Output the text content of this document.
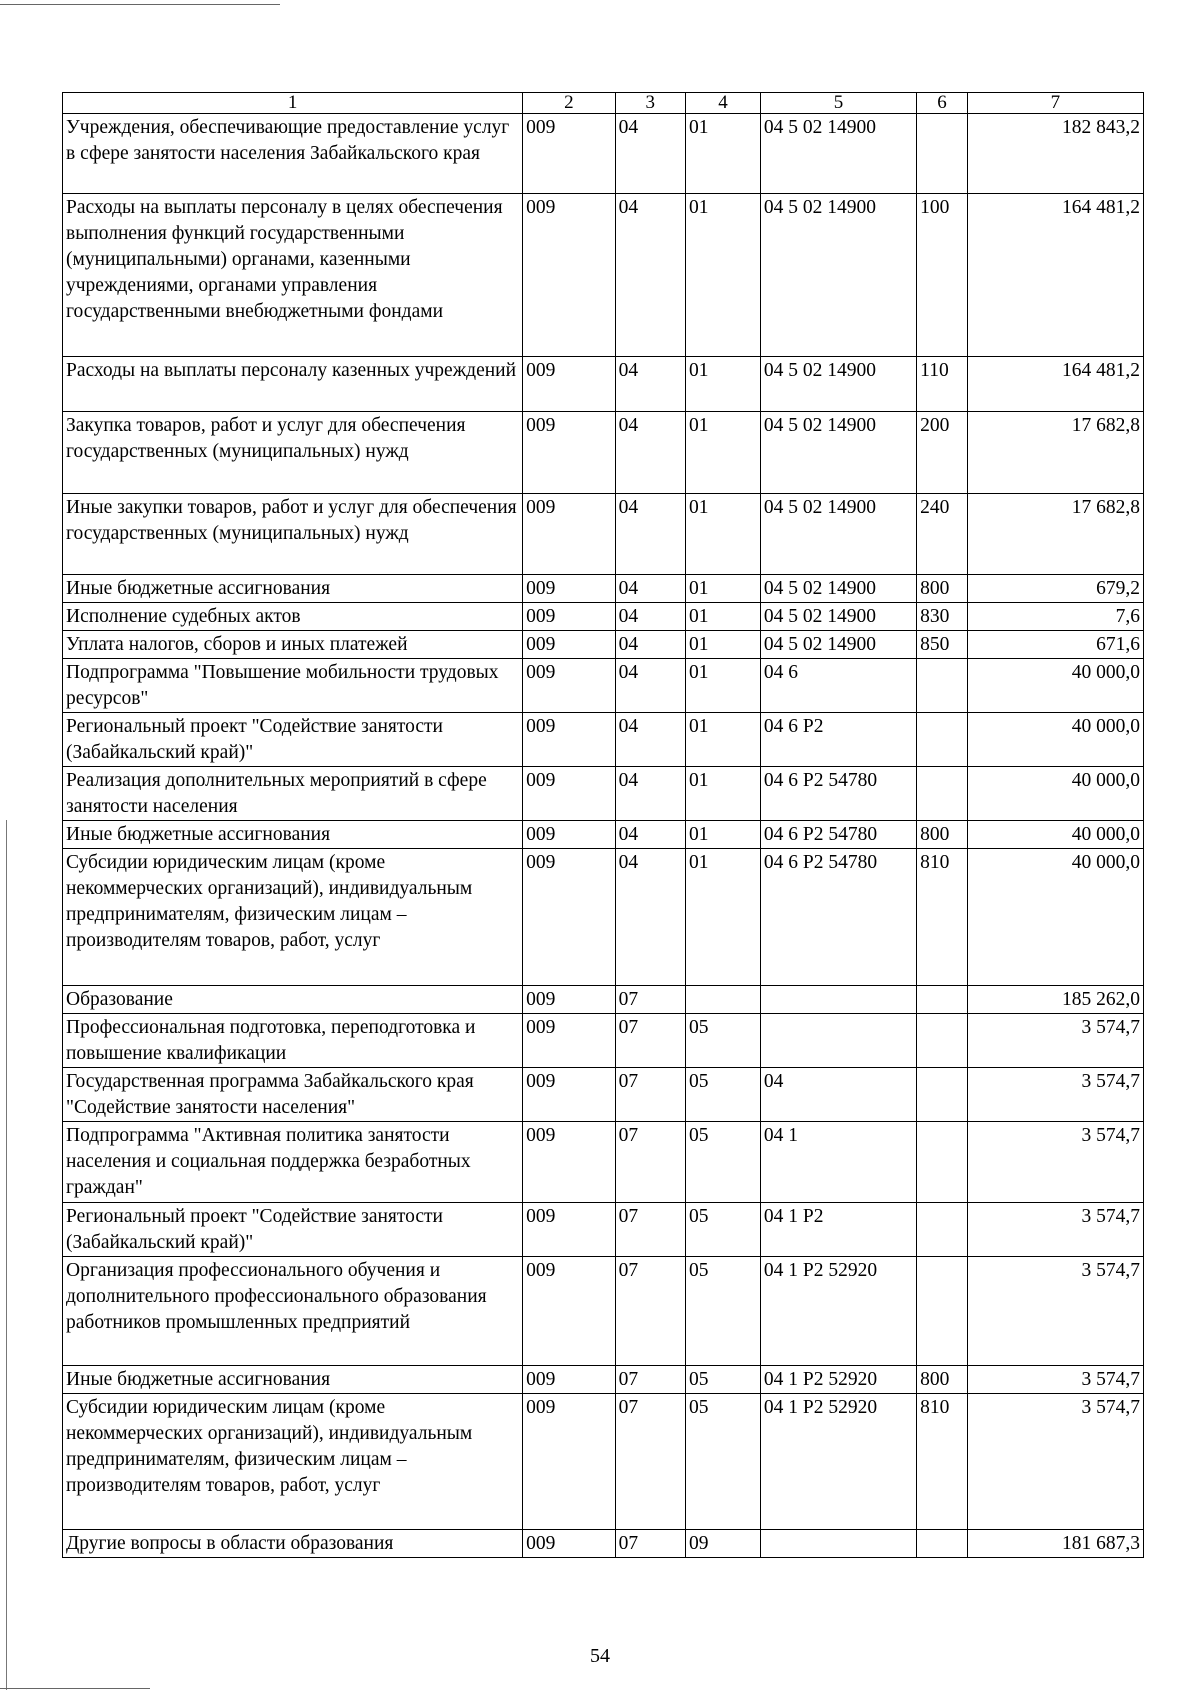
1	2	3	4	5	6	7
Учреждения, обеспечивающие предоставление услуг в сфере занятости населения Забайкальского края	009	04	01	04 5 02 14900		182 843,2
Расходы на выплаты персоналу в целях обеспечения выполнения функций государственными (муниципальными) органами, казенными учреждениями, органами управления государственными внебюджетными фондами	009	04	01	04 5 02 14900	100	164 481,2
Расходы на выплаты персоналу казенных учреждений	009	04	01	04 5 02 14900	110	164 481,2
Закупка товаров, работ и услуг для обеспечения государственных (муниципальных) нужд	009	04	01	04 5 02 14900	200	17 682,8
Иные закупки товаров, работ и услуг для обеспечения государственных (муниципальных) нужд	009	04	01	04 5 02 14900	240	17 682,8
Иные бюджетные ассигнования	009	04	01	04 5 02 14900	800	679,2
Исполнение судебных актов	009	04	01	04 5 02 14900	830	7,6
Уплата налогов, сборов и иных платежей	009	04	01	04 5 02 14900	850	671,6
Подпрограмма "Повышение мобильности трудовых ресурсов"	009	04	01	04 6		40 000,0
Региональный проект "Содействие занятости (Забайкальский край)"	009	04	01	04 6 P2		40 000,0
Реализация дополнительных мероприятий в сфере занятости населения	009	04	01	04 6 P2 54780		40 000,0
Иные бюджетные ассигнования	009	04	01	04 6 P2 54780	800	40 000,0
Субсидии юридическим лицам (кроме некоммерческих организаций), индивидуальным предпринимателям, физическим лицам – производителям товаров, работ, услуг	009	04	01	04 6 P2 54780	810	40 000,0
Образование	009	07				185 262,0
Профессиональная подготовка, переподготовка и повышение квалификации	009	07	05			3 574,7
Государственная программа Забайкальского края "Содействие занятости населения"	009	07	05	04		3 574,7
Подпрограмма "Активная политика занятости населения и социальная поддержка безработных граждан"	009	07	05	04 1		3 574,7
Региональный проект "Содействие занятости (Забайкальский край)"	009	07	05	04 1 P2		3 574,7
Организация профессионального обучения и дополнительного профессионального образования работников промышленных предприятий	009	07	05	04 1 P2 52920		3 574,7
Иные бюджетные ассигнования	009	07	05	04 1 P2 52920	800	3 574,7
Субсидии юридическим лицам (кроме некоммерческих организаций), индивидуальным предпринимателям, физическим лицам – производителям товаров, работ, услуг	009	07	05	04 1 P2 52920	810	3 574,7
Другие вопросы в области образования	009	07	09			181 687,3
54
